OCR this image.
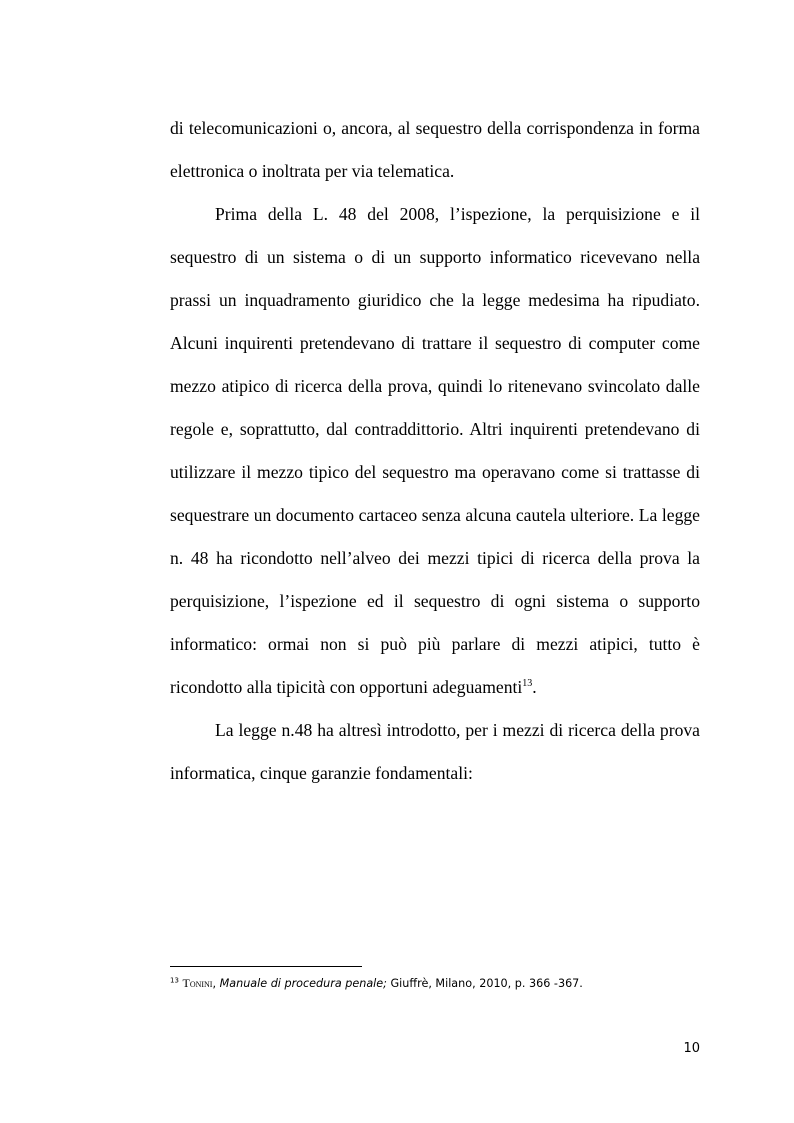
di telecomunicazioni o, ancora, al sequestro della corrispondenza in forma elettronica o inoltrata per via telematica.

Prima della L. 48 del 2008, l’ispezione, la perquisizione e il sequestro di un sistema o di un supporto informatico ricevevano nella prassi un inquadramento giuridico che la legge medesima ha ripudiato. Alcuni inquirenti pretendevano di trattare il sequestro di computer come mezzo atipico di ricerca della prova, quindi lo ritenevano svincolato dalle regole e, soprattutto, dal contraddittorio. Altri inquirenti pretendevano di utilizzare il mezzo tipico del sequestro ma operavano come si trattasse di sequestrare un documento cartaceo senza alcuna cautela ulteriore. La legge n. 48 ha ricondotto nell’alveo dei mezzi tipici di ricerca della prova la perquisizione, l’ispezione ed il sequestro di ogni sistema o supporto informatico: ormai non si può più parlare di mezzi atipici, tutto è ricondotto alla tipicità con opportuni adeguamenti$^{13}$.

La legge n.48 ha altresì introdotto, per i mezzi di ricerca della prova informatica, cinque garanzie fondamentali:

$^{13}$ Tonini, Manuale di procedura penale; Giuffrè, Milano, 2010, p. 366 -367.
10
